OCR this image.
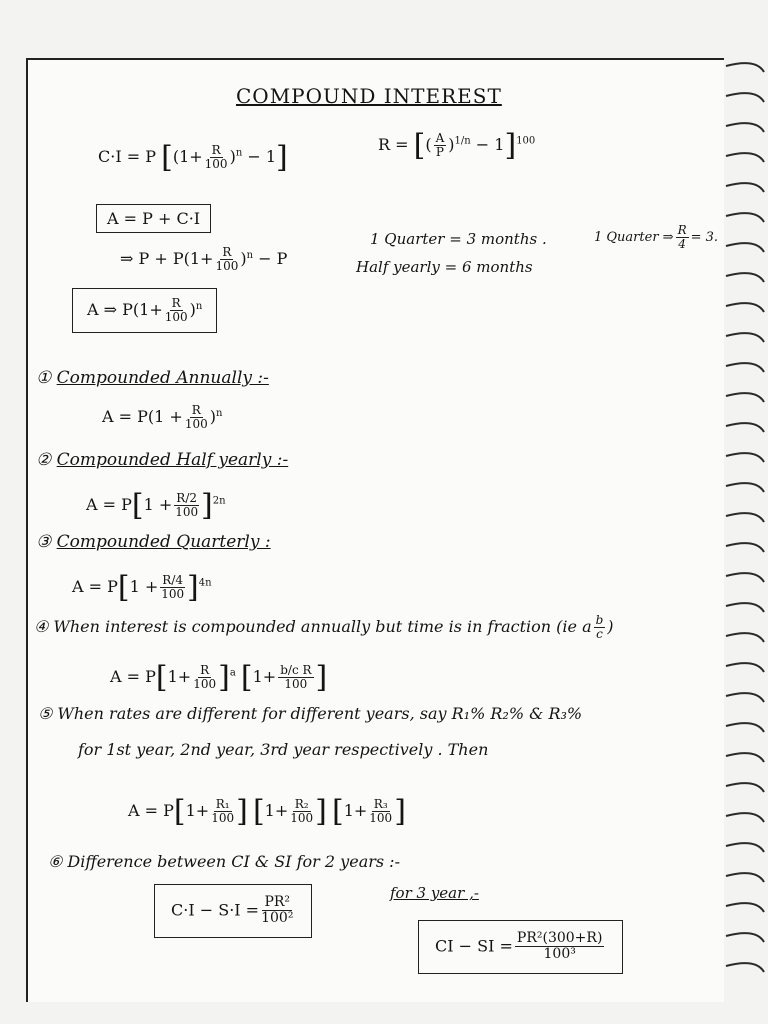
COMPOUND INTEREST
C·I = P $[(1+ \frac{R}{100} )^n - 1]$	R = [( $\frac{A}{P} )^{1/n} - 1]^{100}$
A = P + C·I
⇒ $P + P(1+ \frac{R}{100} )^n - P$
A ⇒ $P(1+ \frac{R}{100} )^n$
1 Quarter = 3 months .
Half yearly = 6 months
1 Quarter ⇒ $\frac{R}{4} = 3$.
① Compounded Annually :-
$A = P(1 + \frac{R}{100} )^n$
② Compounded Half yearly :-
$A = P[1 + \frac{R/2}{100} ]^{2n}$
③ Compounded Quarterly :
$A = P[1 + \frac{R/4}{100} ]^{4n}$
④ When interest is compounded annually but time is in fraction (ie a $\frac{b}{c}$ )
$A = P[1+ \frac{R}{100} ]^a$ [$1+ \frac{\text{b/c R}}{100}$ ]
⑤ When rates are different for different years, say R₁% R₂% & R₃%
for 1st year, 2nd year, 3rd year respectively . Then
$A = P[1+ \frac{\text{R₁}}{100}$ ] [$1+ \frac{\text{R₂}}{100}$ ] [$1+ \frac{\text{R₃}}{100}$ ]
⑥ Difference between CI & SI for 2 years :-
$C\cdot I - S\cdot I = \frac{\text{PR²}}{\text{100²}}$
for 3 year ,-
CI − SI = $\frac{\text{PR²(300+R)}}{\text{100³}}$
